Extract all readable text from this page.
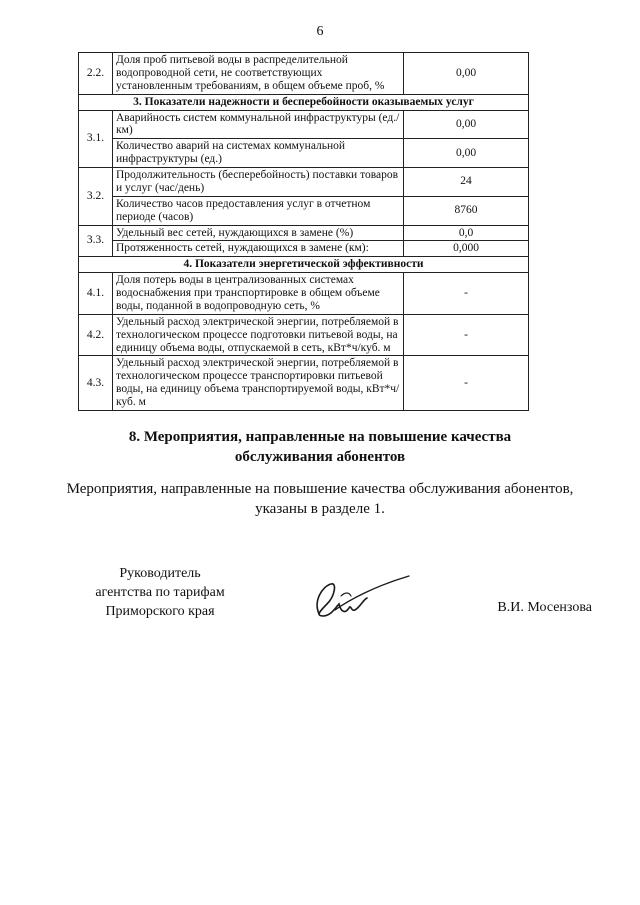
6
2.2.	Доля проб питьевой воды в распределительной водопроводной сети, не соответствующих установленным требованиям, в общем объеме проб, %	0,00
3. Показатели надежности и бесперебойности оказываемых услуг		
3.1.	Аварийность систем коммунальной инфраструктуры (ед./км)	0,00
	Количество аварий на системах коммунальной инфраструктуры (ед.)	0,00
3.2.	Продолжительность (бесперебойность) поставки товаров и услуг (час/день)	24
	Количество часов предоставления услуг в отчетном периоде (часов)	8760
3.3.	Удельный вес сетей, нуждающихся в замене (%)	0,0
	Протяженность сетей, нуждающихся в замене (км):	0,000
4. Показатели энергетической эффективности		
4.1.	Доля потерь воды в централизованных системах водоснабжения при транспортировке в общем объеме воды, поданной в водопроводную сеть, %	-
4.2.	Удельный расход электрической энергии, потребляемой в технологическом процессе подготовки питьевой воды, на единицу объема воды, отпускаемой в сеть, кВт*ч/куб. м	-
4.3.	Удельный расход электрической энергии, потребляемой в технологическом процессе транспортировки питьевой воды, на единицу объема транспортируемой воды, кВт*ч/куб. м	-
8. Мероприятия, направленные на повышение качества
обслуживания абонентов
Мероприятия, направленные на повышение качества обслуживания абонентов,
указаны в разделе 1.
Руководитель
агентства по тарифам
Приморского края	В.И. Мосензова
